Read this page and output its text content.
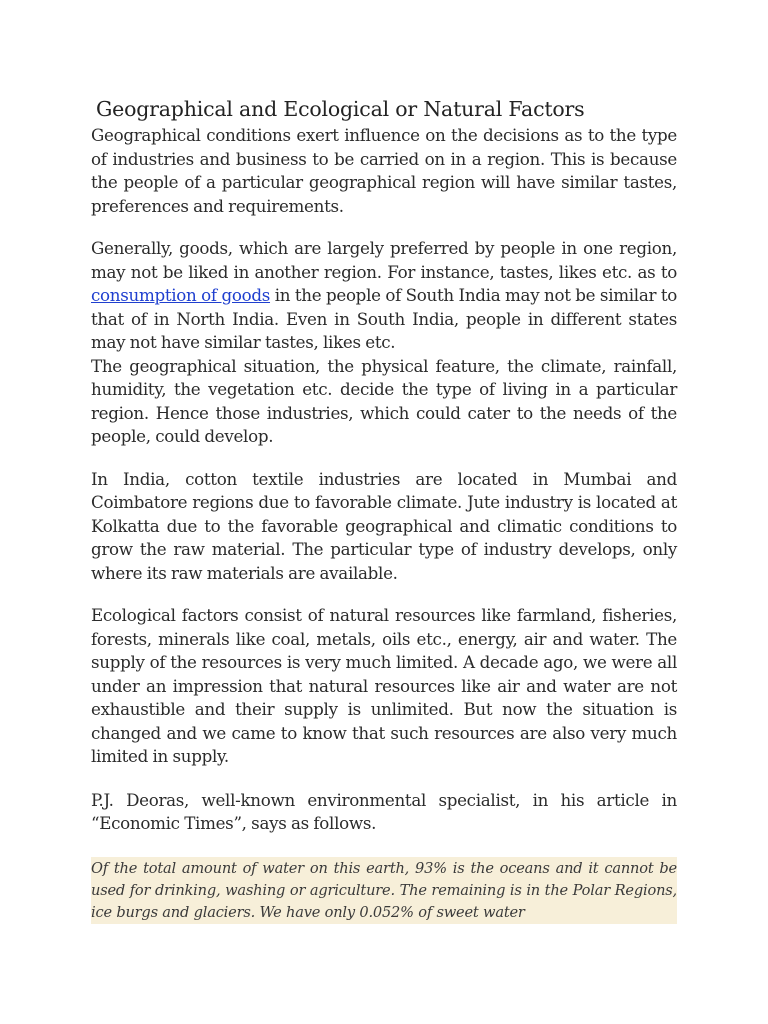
Geographical and Ecological or Natural Factors

Geographical conditions exert influence on the decisions as to the type of industries and business to be carried on in a region. This is because the people of a particular geographical region will have similar tastes, preferences and requirements.

Generally, goods, which are largely preferred by people in one region, may not be liked in another region. For instance, tastes, likes etc. as to consumption of goods in the people of South India may not be similar to that of in North India. Even in South India, people in different states may not have similar tastes, likes etc.

The geographical situation, the physical feature, the climate, rainfall, humidity, the vegetation etc. decide the type of living in a particular region. Hence those industries, which could cater to the needs of the people, could develop.

In India, cotton textile industries are located in Mumbai and Coimbatore regions due to favorable climate. Jute industry is located at Kolkatta due to the favorable geographical and climatic conditions to grow the raw material. The particular type of industry develops, only where its raw materials are available.

Ecological factors consist of natural resources like farmland, fisheries, forests, minerals like coal, metals, oils etc., energy, air and water. The supply of the resources is very much limited. A decade ago, we were all under an impression that natural resources like air and water are not exhaustible and their supply is unlimited. But now the situation is changed and we came to know that such resources are also very much limited in supply.

P.J. Deoras, well-known environmental specialist, in his article in “Economic Times”, says as follows.

Of the total amount of water on this earth, 93% is the oceans and it cannot be used for drinking, washing or agriculture. The remaining is in the Polar Regions, ice burgs and glaciers. We have only 0.052% of sweet water
